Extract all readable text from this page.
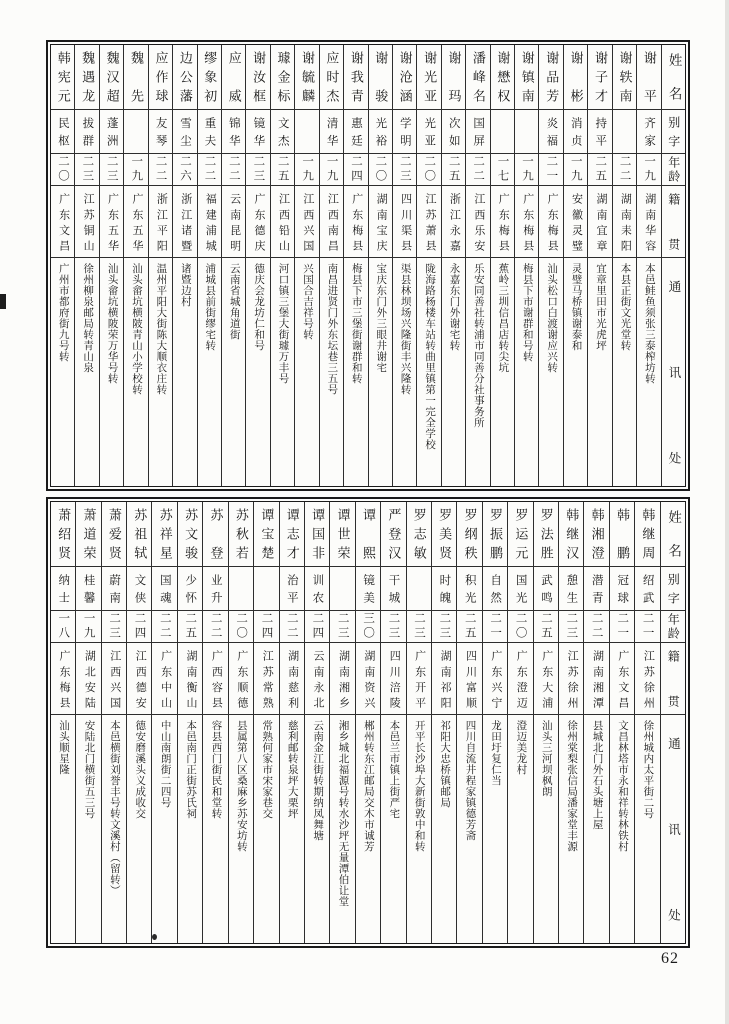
姓名
别字
年龄
籍贯
通讯处
谢平
齐家
一九
湖南华容
本邑鲑鱼须张三泰榨坊转
谢轶南
二二
湖南耒阳
本县正街文光堂转
谢子才
持平
二五
湖南宜章
宜章里田市光虎坪
谢彬
消贞
一九
安徽灵璧
灵璧马桥镇谢泰和
谢品芳
炎福
二一
广东梅县
汕头松口白渡谢应兴转
谢镇南
一九
广东梅县
梅县下市谢群和号转
谢懋权
一七
广东梅县
蕉岭三圳信昌店转尖坑
潘峰名
国屏
二二
江西乐安
乐安同善社转浦市同善分社事务所
谢玛
次如
二五
浙江永嘉
永嘉东门外谢宅转
谢光亚
光亚
二〇
江苏萧县
陇海路杨楼车站转曲里镇第一完全学校
谢沧涵
学明
二三
四川渠县
渠县林坝场兴隆街丰兴隆转
谢骏
光裕
二〇
湖南宝庆
宝庆东门外三眼井谢宅
谢我青
惠廷
二四
广东梅县
梅县下市三堡街谢群和转
应时杰
清华
一九
江西南昌
南昌进贤门外东坛巷三五号
谢毓麟
一九
江西兴国
兴国合吉祥号转
璩金标
文杰
二五
江西铅山
河口镇三堡大街璩万丰号
谢汝框
镜华
二三
广东德庆
德庆会龙坊仁和号
应威
锦华
二二
云南昆明
云南省城角道街
缪象初
重夫
二二
福建浦城
浦城县前街缪宅转
边公藩
雪尘
二六
浙江诸暨
诸暨边村
应作球
友琴
二二
浙江平阳
温州平阳大街陈大顺衣庄转
魏先
一九
广东五华
汕头畲坑横陂青山小学校转
魏汉超
蓬洲
二三
广东五华
汕头畲坑横陂荣万华号转
魏遇龙
拔群
二三
江苏铜山
徐州柳泉邮局转青山泉
韩宪元
民枢
二〇
广东文昌
广州市都府街九号转
姓名
别字
年龄
籍贯
通讯处
韩继周
绍武
二一
江苏徐州
徐州城内太平街二号
韩鹏
冠球
二一
广东文昌
文昌林塔市永和祥转林铁村
韩湘澄
潜青
二二
湖南湘潭
县城北门外石头塘上屋
韩继汉
憩生
二三
江苏徐州
徐州棠梨张信局潘家堂丰源
罗法胜
武鸣
二五
广东大浦
汕头三河坝枫朗
罗运元
国光
二〇
广东澄迈
澄迈美龙村
罗振鹏
自然
二一
广东兴宁
龙田圩复仁当
罗纲秩
积光
二五
四川富顺
四川自流井程家镇德芳斋
罗美贤
时魄
二三
湖南祁阳
祁阳大忠桥镇邮局
罗志敏
二三
广东开平
开平长沙埠大新街敦中和转
严登汉
干城
二三
四川涪陵
本邑兰市镇上街严宅
谭熙
镜美
三〇
湖南资兴
郴州转东江邮局交木市诚芳
谭世荣
二三
湖南湘乡
湘乡城北福源号转水沙坪无量潭伯让堂
谭国非
训农
二四
云南永北
云南金江街转期纳凤舞塘
谭志才
治平
二二
湖南慈利
慈利邮转泉坪大栗坪
谭宝楚
二四
江苏常熟
常熟何家市宋家巷交
苏秋若
二〇
广东顺德
县属第八区桑麻乡苏安坊转
苏登
业升
二二
广西容县
容县西门街民和堂转
苏文骏
少怀
二五
湖南衡山
本邑南门正街苏氏祠
苏祥星
国魂
二二
广东中山
中山南朗街二四号
苏祖轼
文侠
二四
江西德安
德安磨溪头义成收交
萧爱贤
蔚南
二三
江西兴国
本邑横街刘誉丰号转文溪村（留转）
萧道荣
桂馨
一九
湖北安陆
安陆北门横街五三号
萧绍贤
纳士
一八
广东梅县
汕头顺星隆
62
